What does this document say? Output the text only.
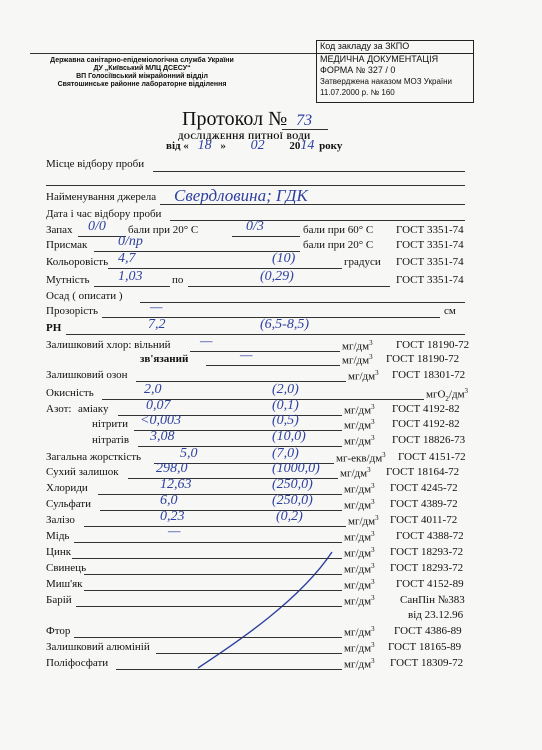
Державна санітарно-епідеміологічна служба України
ДУ „Київський МЛЦ ДСЕСУ“
ВП Голосіївський міжрайонний відділ
Святошинське районне лабораторне відділення
Код закладу за ЗКПО
МЕДИЧНА ДОКУМЕНТАЦІЯ
ФОРМА № 327 / 0
Затверджена наказом МОЗ України
11.07.2000 р. № 160
Протокол № 73
дослідження питної води
від « 18 » 02 2014 року
Місце відбору проби
Найменування джерела Свердловина; ГДК
Дата і час відбору проби
Запах 0/0 бали при 20° С	0/3	бали при 60° С ГОСТ 3351-74
Присмак 0/пр	бали при 20° С ГОСТ 3351-74
Кольоровість 4,7	(10)	градуси ГОСТ 3351-74
Мутність 1,03	по	(0,29)	ГОСТ 3351-74
Осад ( описати )
Прозорість	—	см
РН	7,2	(6,5-8,5)
Залишковий хлор: вільний —	$мг/дм^3$ ГОСТ 18190-72
зв'язаний	—	$мг/дм^3$ ГОСТ 18190-72
Залишковий озон	$мг/дм^3$ ГОСТ 18301-72
Окисність	2,0	(2,0)	$мгО_2/дм^3$
Азот: аміаку	0,07	(0,1)	$мг/дм^3$ ГОСТ 4192-82
нітрити <0,003	(0,5)	$мг/дм^3$ ГОСТ 4192-82
нітратів 3,08	(10,0)	$мг/дм^3$ ГОСТ 18826-73
Загальна жорсткість	5,0	(7,0)	$мг-екв/дм^3$ ГОСТ 4151-72
Сухий залишок	298,0	(1000,0) $мг/дм^3$ ГОСТ 18164-72
Хлориди	12,63	(250,0)	$мг/дм^3$ ГОСТ 4245-72
Сульфати	6,0	(250,0)	$мг/дм^3$ ГОСТ 4389-72
Залізо	0,23	(0,2)	$мг/дм^3$ ГОСТ 4011-72
Мідь	—	$мг/дм^3$ ГОСТ 4388-72
Цинк	$мг/дм^3$ ГОСТ 18293-72
Свинець	$мг/дм^3$ ГОСТ 18293-72
Миш'як	$мг/дм^3$ ГОСТ 4152-89
Барій	$мг/дм^3$ СанПін №383
від 23.12.96
Фтор	$мг/дм^3$ ГОСТ 4386-89
Залишковий алюміній	$мг/дм^3$ ГОСТ 18165-89
Поліфосфати	$мг/дм^3$ ГОСТ 18309-72
